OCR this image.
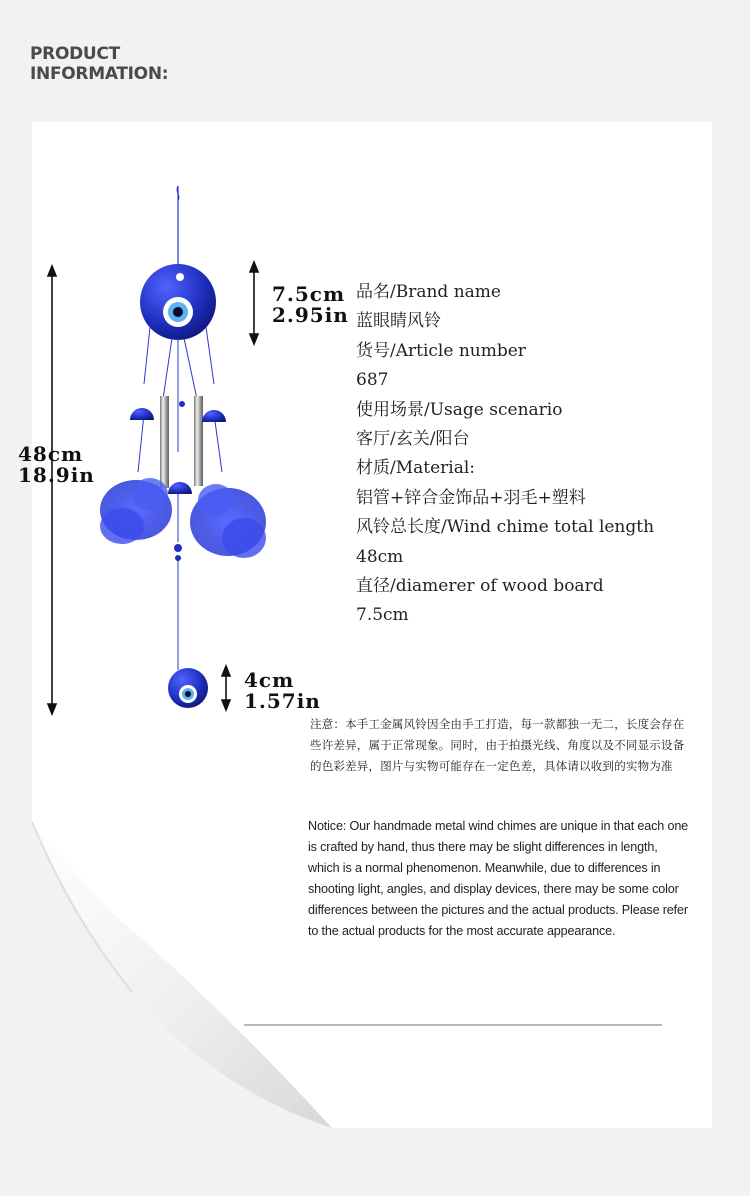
PRODUCT
INFORMATION:
48cm
18.9in
7.5cm
2.95in
4cm
1.57in
品名/Brand name
蓝眼睛风铃
货号/Article number
687
使用场景/Usage scenario
客厅/玄关/阳台
材质/Material:
铝管+锌合金饰品+羽毛+塑料
风铃总长度/Wind chime total length
48cm
直径/diamerer of wood board
7.5cm

注意：本手工金属风铃因全由手工打造，每一款都独一无二，长度会存在些许差异，属于正常现象。同时，由于拍摄光线、角度以及不同显示设备的色彩差异，图片与实物可能存在一定色差，具体请以收到的实物为准

Notice: Our handmade metal wind chimes are unique in that each one is crafted by hand, thus there may be slight differences in length, which is a normal phenomenon. Meanwhile, due to differences in shooting light, angles, and display devices, there may be some color differences between the pictures and the actual products. Please refer to the actual products for the most accurate appearance.
